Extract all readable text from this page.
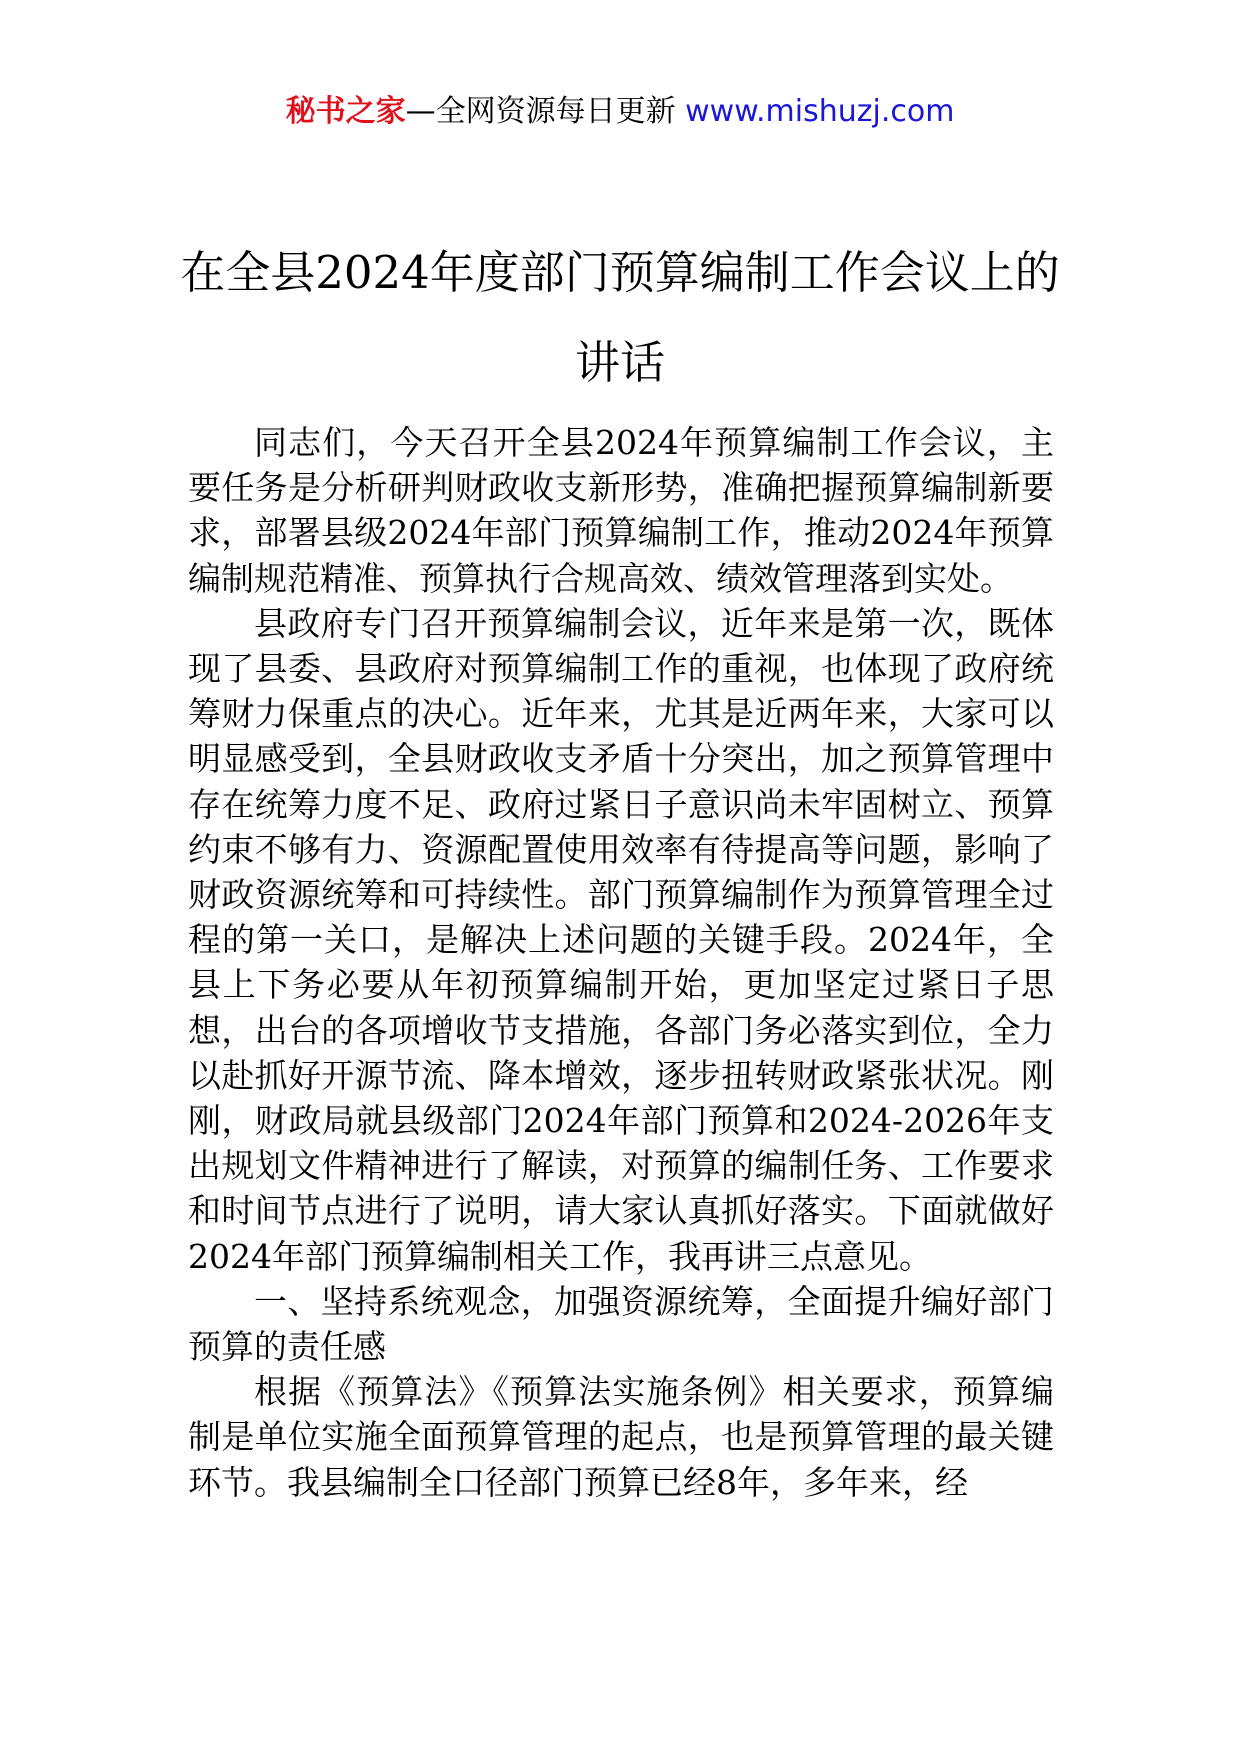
秘书之家—全网资源每日更新 www.mishuzj.com
在全县2024年度部门预算编制工作会议上的讲话

同志们，今天召开全县2024年预算编制工作会议，主要任务是分析研判财政收支新形势，准确把握预算编制新要求，部署县级2024年部门预算编制工作，推动2024年预算编制规范精准、预算执行合规高效、绩效管理落到实处。

县政府专门召开预算编制会议，近年来是第一次，既体现了县委、县政府对预算编制工作的重视，也体现了政府统筹财力保重点的决心。近年来，尤其是近两年来，大家可以明显感受到，全县财政收支矛盾十分突出，加之预算管理中存在统筹力度不足、政府过紧日子意识尚未牢固树立、预算约束不够有力、资源配置使用效率有待提高等问题，影响了财政资源统筹和可持续性。部门预算编制作为预算管理全过程的第一关口，是解决上述问题的关键手段。2024年，全县上下务必要从年初预算编制开始，更加坚定过紧日子思想，出台的各项增收节支措施，各部门务必落实到位，全力以赴抓好开源节流、降本增效，逐步扭转财政紧张状况。刚刚，财政局就县级部门2024年部门预算和2024-2026年支出规划文件精神进行了解读，对预算的编制任务、工作要求和时间节点进行了说明，请大家认真抓好落实。下面就做好2024年部门预算编制相关工作，我再讲三点意见。

一、坚持系统观念，加强资源统筹，全面提升编好部门预算的责任感

根据《预算法》《预算法实施条例》相关要求，预算编制是单位实施全面预算管理的起点，也是预算管理的最关键环节。我县编制全口径部门预算已经8年，多年来，经
